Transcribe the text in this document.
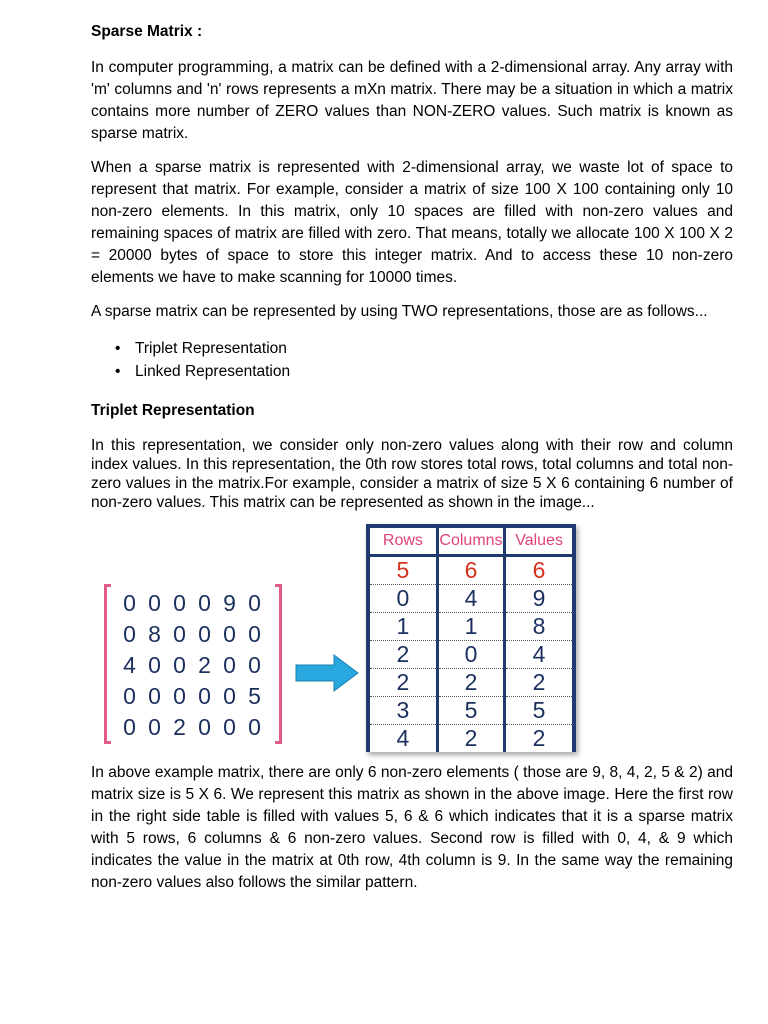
Sparse Matrix :

In computer programming, a matrix can be defined with a 2-dimensional array. Any array with 'm' columns and 'n' rows represents a mXn matrix. There may be a situation in which a matrix contains more number of ZERO values than NON-ZERO values. Such matrix is known as sparse matrix.

When a sparse matrix is represented with 2-dimensional array, we waste lot of space to represent that matrix. For example, consider a matrix of size 100 X 100 containing only 10 non-zero elements. In this matrix, only 10 spaces are filled with non-zero values and remaining spaces of matrix are filled with zero. That means, totally we allocate 100 X 100 X 2 = 20000 bytes of space to store this integer matrix. And to access these 10 non-zero elements we have to make scanning for 10000 times.

A sparse matrix can be represented by using TWO representations, those are as follows...

• Triplet Representation
• Linked Representation
Triplet Representation

In this representation, we consider only non-zero values along with their row and column index values. In this representation, the 0th row stores total rows, total columns and total non-zero values in the matrix.For example, consider a matrix of size 5 X 6 containing 6 number of non-zero values. This matrix can be represented as shown in the image...

0 0 0 0 9 0
0 8 0 0 0 0
4 0 0 2 0 0
0 0 0 0 0 5
0 0 2 0 0 0
Rows	Columns	Values
5	6	6
0	4	9
1	1	8
2	0	4
2	2	2
3	5	5
4	2	2

In above example matrix, there are only 6 non-zero elements ( those are 9, 8, 4, 2, 5 & 2) and matrix size is 5 X 6. We represent this matrix as shown in the above image. Here the first row in the right side table is filled with values 5, 6 & 6 which indicates that it is a sparse matrix with 5 rows, 6 columns & 6 non-zero values. Second row is filled with 0, 4, & 9 which indicates the value in the matrix at 0th row, 4th column is 9. In the same way the remaining non-zero values also follows the similar pattern.
